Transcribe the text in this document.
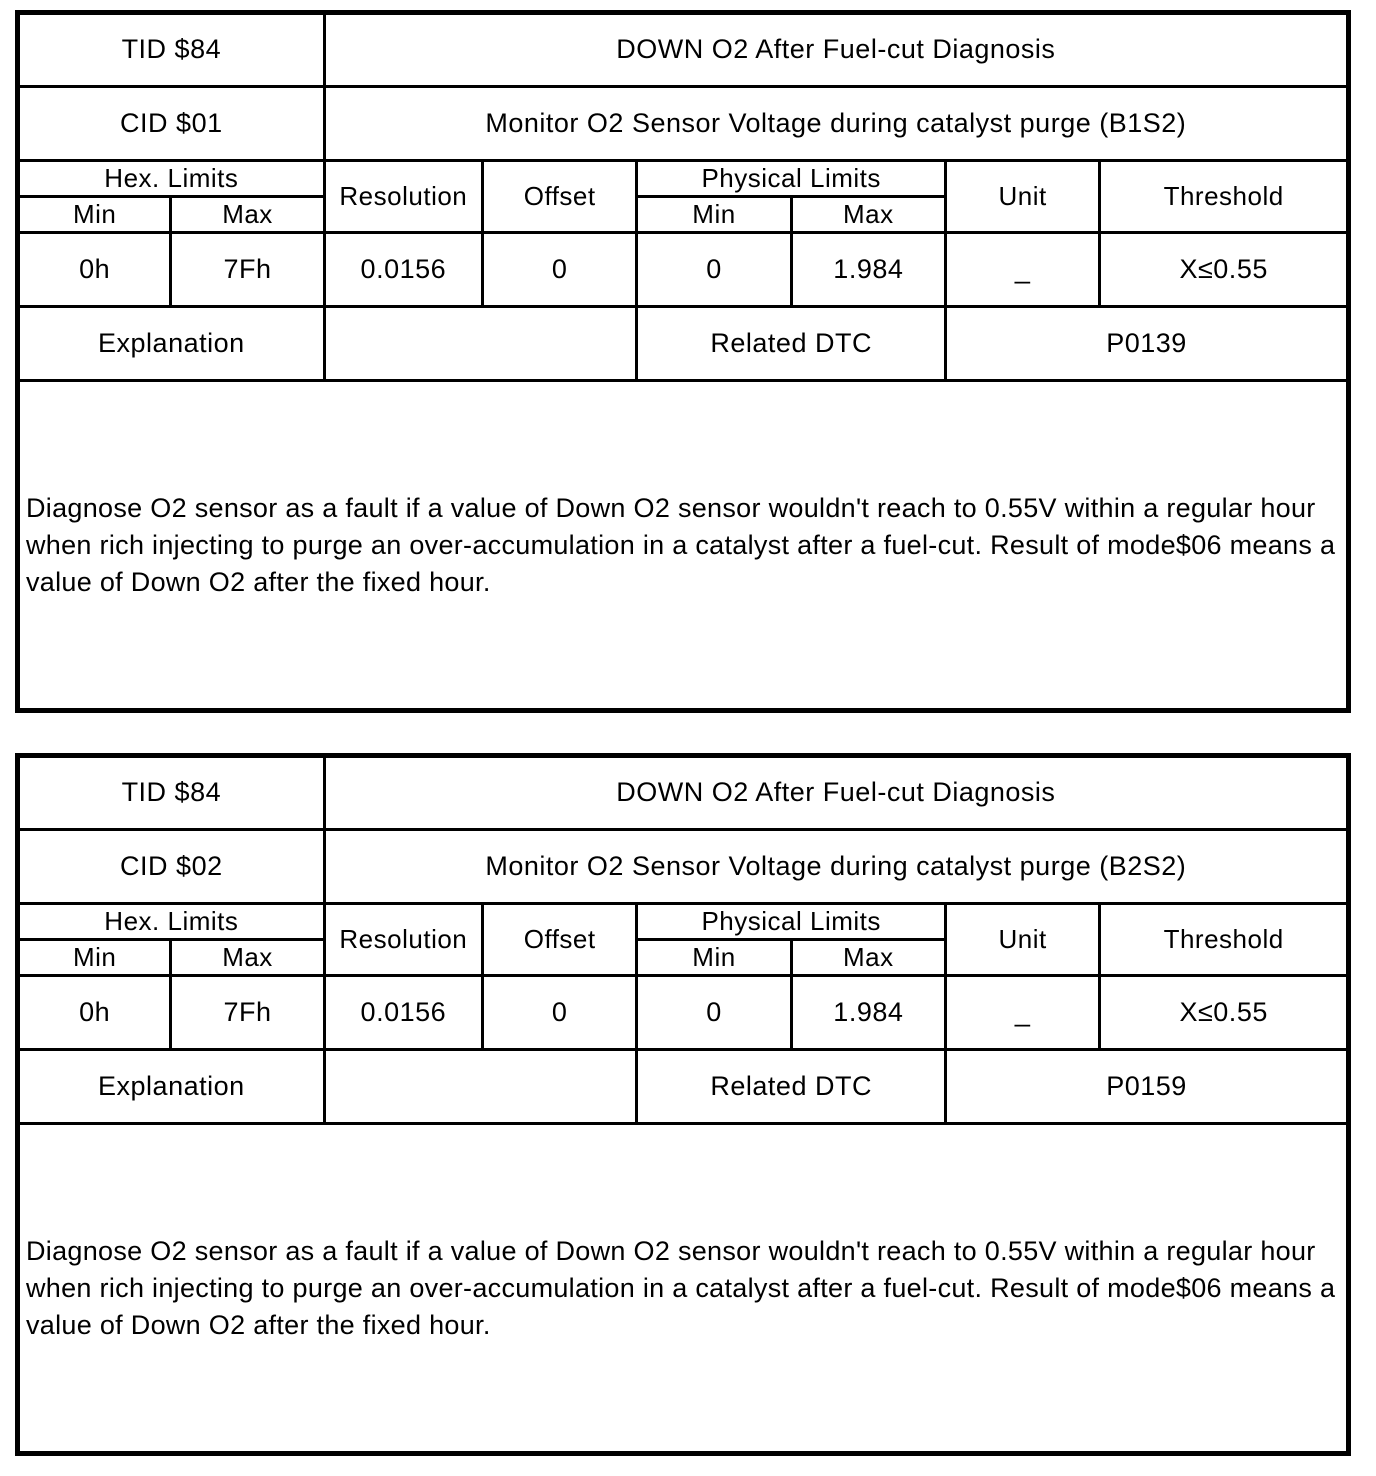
TID $84		DOWN O2 After Fuel-cut Diagnosis					
CID $01		Monitor O2 Sensor Voltage during catalyst purge (B1S2)					
Hex. Limits		Resolution	Offset	Physical Limits		Unit	Threshold
Min	Max			Min	Max		
0h	7Fh	0.0156	0	0	1.984	_	X≤0.55
Explanation				Related DTC		P0139	
Diagnose O2 sensor as a fault if a value of Down O2 sensor wouldn't reach to 0.55V within a regular hour when rich injecting to purge an over-accumulation in a catalyst after a fuel-cut. Result of mode$06 means a value of Down O2 after the fixed hour.							
TID $84		DOWN O2 After Fuel-cut Diagnosis					
CID $02		Monitor O2 Sensor Voltage during catalyst purge (B2S2)					
Hex. Limits		Resolution	Offset	Physical Limits		Unit	Threshold
Min	Max			Min	Max		
0h	7Fh	0.0156	0	0	1.984	_	X≤0.55
Explanation				Related DTC		P0159	
Diagnose O2 sensor as a fault if a value of Down O2 sensor wouldn't reach to 0.55V within a regular hour when rich injecting to purge an over-accumulation in a catalyst after a fuel-cut. Result of mode$06 means a value of Down O2 after the fixed hour.							
